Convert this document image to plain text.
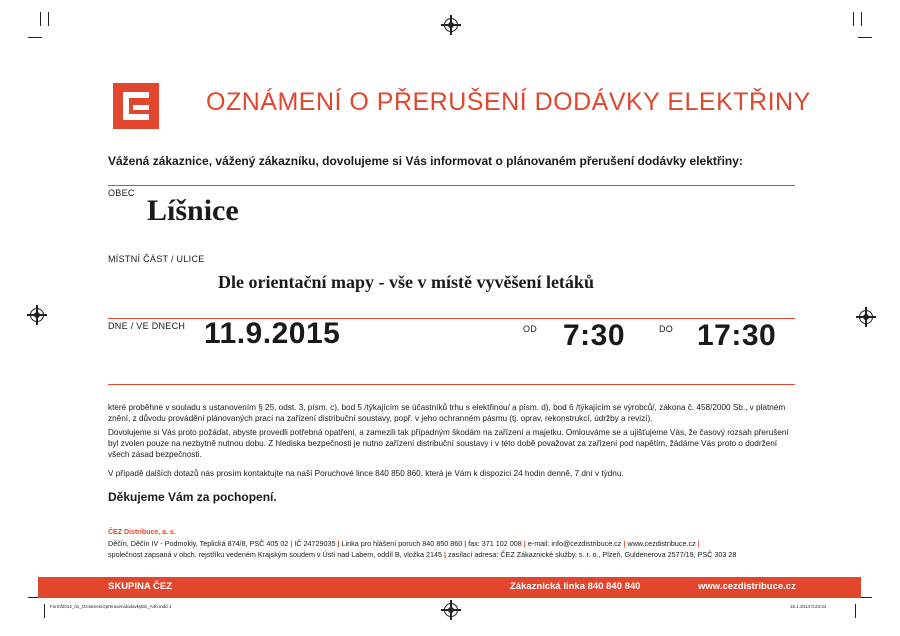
OZNÁMENÍ O PŘERUŠENÍ DODÁVKY ELEKTŘINY
Vážená zákaznice, vážený zákazníku, dovolujeme si Vás informovat o plánovaném přerušení dodávky elektřiny:
OBEC
Líšnice
MÍSTNÍ ČÁST / ULICE
Dle orientační mapy - vše v místě vyvěšení letáků
DNE / VE DNECH 11.9.2015	OD 7:30	DO 17:30
které proběhne v souladu s ustanovením § 25, odst. 3, písm. c), bod 5 /týkajícím se účastníků trhu s elektřinou/ a písm. d), bod 6 /týkajícím se výrobců/, zákona č. 458/2000 Sb., v platném znění, z důvodu provádění plánovaných prací na zařízení distribuční soustavy, popř. v jeho ochranném pásmu (tj. oprav, rekonstrukcí, údržby a revizí).
Dovolujeme si Vás proto požádat, abyste provedli potřebná opatření, a zamezili tak případným škodám na zařízení a majetku. Omlouváme se a ujišťujeme Vás, že časový rozsah přerušení byl zvolen pouze na nezbytně nutnou dobu. Z hlediska bezpečnosti je nutno zařízení distribuční soustavy i v této době považovat za zařízení pod napětím, žádáme Vás proto o dodržení všech zásad bezpečnosti.
V případě dalších dotazů nás prosím kontaktujte na naší Poruchové lince 840 850 860, která je Vám k dispozici 24 hodin denně, 7 dní v týdnu.
Děkujeme Vám za pochopení.
ČEZ Distribuce, a. s.
Děčín, Děčín IV - Podmokly, Teplická 874/8, PSČ 405 02 | IČ 24729035 | Linka pro hlášení poruch 840 850 860 | fax: 371 102 008 | e-mail: info@cezdistribuce.cz | www.cezdistribuce.cz |
společnost zapsaná v obch. rejstříku vedeném Krajským soudem v Ústí nad Labem, oddíl B, vložka 2145 | zasílací adresa: ČEZ Zákaznické služby, s. r. o., Plzeň, Guldenerova 2577/19, PSČ 303 28
SKUPINA ČEZ	Zákaznická linka 840 840 840	www.cezdistribuce.cz
Formf2014_01_OznameniOprerusenidodavkyEE_A4h.indd 1	16.1.2014 0:23:34
